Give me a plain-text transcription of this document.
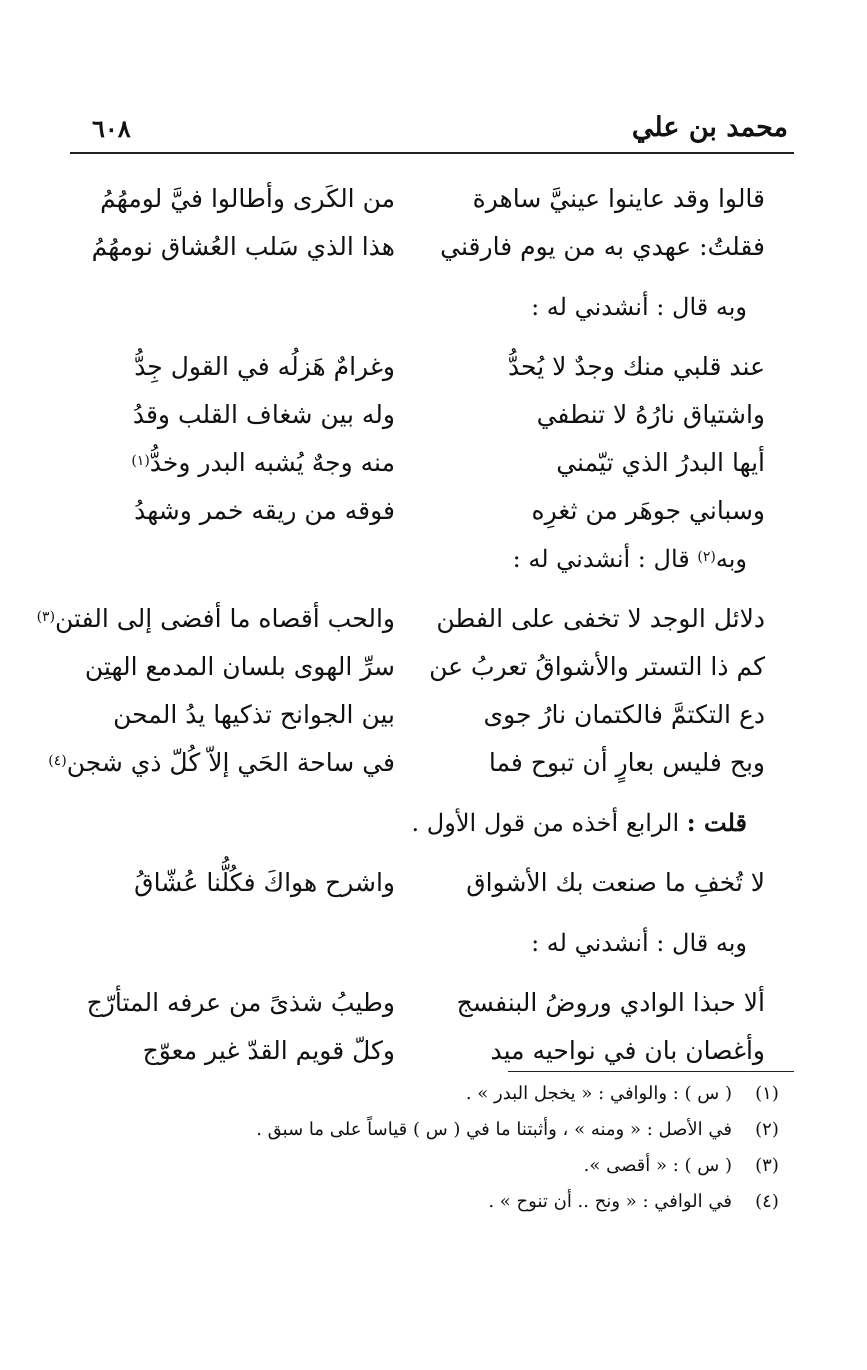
محمد بن علي
٦٠٨
قالوا وقد عاينوا عينيَّ ساهرة
من الكَرى وأطالوا فيَّ لومهُمُ
فقلتُ: عهدي به من يوم فارقني
هذا الذي سَلب العُشاق نومهُمُ
وبه قال : أنشدني له :
عند قلبي منك وجدٌ لا يُحدُّ
وغرامٌ هَزلُه في القول جِدُّ
واشتياق نارُهُ لا تنطفي
وله بين شغاف القلب وقدُ
أيها البدرُ الذي تيّمني
منه وجهٌ يُشبه البدر وخدُّ$^{(١)}$
وسباني جوهَر من ثغرِه
فوقه من ريقه خمر وشهدُ
وبه$^{(٢)}$ قال : أنشدني له :
دلائل الوجد لا تخفى على الفطن
والحب أقصاه ما أفضى إلى الفتن$^{(٣)}$
كم ذا التستر والأشواقُ تعربُ عن
سرِّ الهوى بلسان المدمع الهتِن
دع التكتمَّ فالكتمان نارُ جوى
بين الجوانح تذكيها يدُ المحن
وبح فليس بعارٍ أن تبوح فما
في ساحة الحَي إلاّ كُلّ ذي شجن$^{(٤)}$
قلت : الرابع أخذه من قول الأول .
لا تُخفِ ما صنعت بك الأشواق
واشرح هواكَ فكُلُّنا عُشّاقُ
وبه قال : أنشدني له :
ألا حبذا الوادي وروضُ البنفسج
وطيبُ شذىً من عرفه المتأرّج
وأغصان بان في نواحيه ميد
وكلّ قويم القدّ غير معوّج
(١)
( س ) : والوافي : « يخجل البدر » .
(٢)
في الأصل : « ومنه » ، وأثبتنا ما في ( س ) قياساً على ما سبق .
(٣)
( س ) : « أقصى ».
(٤)
في الوافي : « ونح .. أن تنوح » .
